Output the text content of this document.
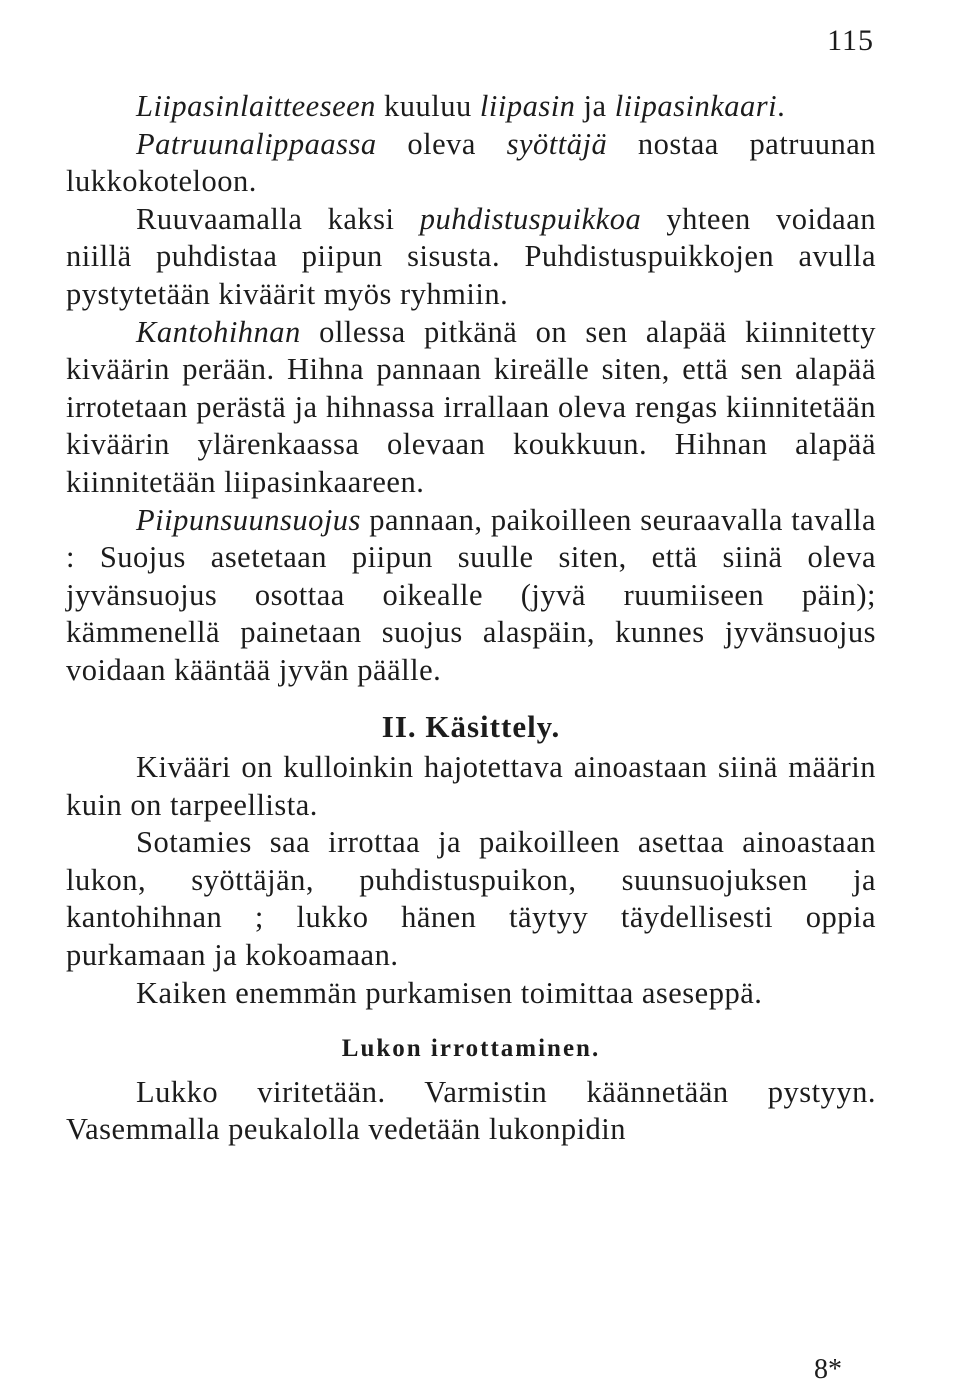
115

Liipasinlaitteeseen kuuluu liipasin ja liipasinkaari.

Patruunalippaassa oleva syöttäjä nostaa patruunan lukkokoteloon.

Ruuvaamalla kaksi puhdistuspuikkoa yhteen voidaan niillä puhdistaa piipun sisusta. Puhdistuspuikkojen avulla pystytetään kiväärit myös ryhmiin.

Kantohihnan ollessa pitkänä on sen alapää kiinnitetty kiväärin perään. Hihna pannaan kireälle siten, että sen alapää irrotetaan perästä ja hihnassa irrallaan oleva rengas kiinnitetään kiväärin ylärenkaassa olevaan koukkuun. Hihnan alapää kiinnitetään liipasinkaareen.

Piipunsuunsuojus pannaan, paikoilleen seuraavalla tavalla : Suojus asetetaan piipun suulle siten, että siinä oleva jyvänsuojus osottaa oikealle (jyvä ruumiiseen päin); kämmenellä painetaan suojus alaspäin, kunnes jyvänsuojus voidaan kääntää jyvän päälle.

II. Käsittely.

Kivääri on kulloinkin hajotettava ainoastaan siinä määrin kuin on tarpeellista.

Sotamies saa irrottaa ja paikoilleen asettaa ainoastaan lukon, syöttäjän, puhdistuspuikon, suunsuojuksen ja kantohihnan ; lukko hänen täytyy täydellisesti oppia purkamaan ja kokoamaan.

Kaiken enemmän purkamisen toimittaa aseseppä.

Lukon irrottaminen.

Lukko viritetään. Varmistin käännetään pystyyn. Vasemmalla peukalolla vedetään lukonpidin

8*
